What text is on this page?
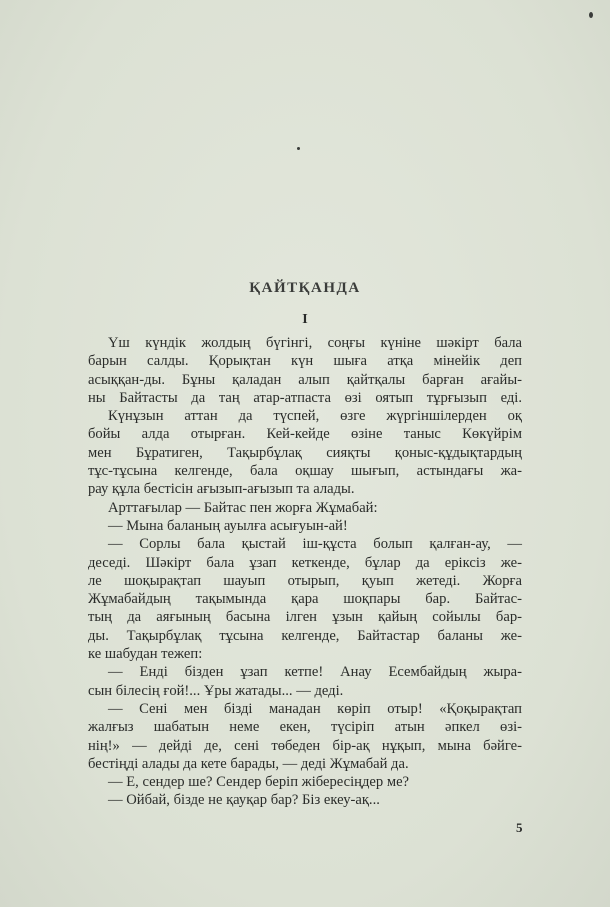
ҚАЙТҚАНДА
I
Үш күндік жолдың бүгінгі, соңғы күніне шәкірт бала
барын салды. Қорықтан күн шыға атқа мінейік деп
асыққан-ды. Бұны қаладан алып қайтқалы барған ағайы-
ны Байтасты да таң атар-атпаста өзі оятып тұрғызып еді.
Күнұзын аттан да түспей, өзге жүргіншілерден оқ
бойы алда отырған. Кей-кейде өзіне таныс Көкүйрім
мен Бұратиген, Тақырбұлақ сияқты қоныс-құдықтардың
тұс-тұсына келгенде, бала оқшау шығып, астындағы жа-
рау құла бестісін ағызып-ағызып та алады.
Арттағылар — Байтас пен жорға Жұмабай:
— Мына баланың ауылға асығуын-ай!
— Сорлы бала қыстай іш-құста болып қалған-ау, —
деседі. Шәкірт бала ұзап кеткенде, бұлар да еріксіз же-
ле шоқырақтап шауып отырып, қуып жетеді. Жорға
Жұмабайдың тақымында қара шоқпары бар. Байтас-
тың да аяғының басына ілген ұзын қайың сойылы бар-
ды. Тақырбұлақ тұсына келгенде, Байтастар баланы же-
ке шабудан тежеп:
— Енді бізден ұзап кетпе! Анау Есембайдың жыра-
сын білесің ғой!... Ұры жатады... — деді.
— Сені мен бізді манадан көріп отыр! «Қоқырақтап
жалғыз шабатын неме екен, түсіріп атын әпкел өзі-
нің!» — дейді де, сені төбеден бір-ақ нұқып, мына бәйге-
бестіңді алады да кете барады, — деді Жұмабай да.
— Е, сендер ше? Сендер беріп жібересіңдер ме?
— Ойбай, бізде не қауқар бар? Біз екеу-ақ...
5
